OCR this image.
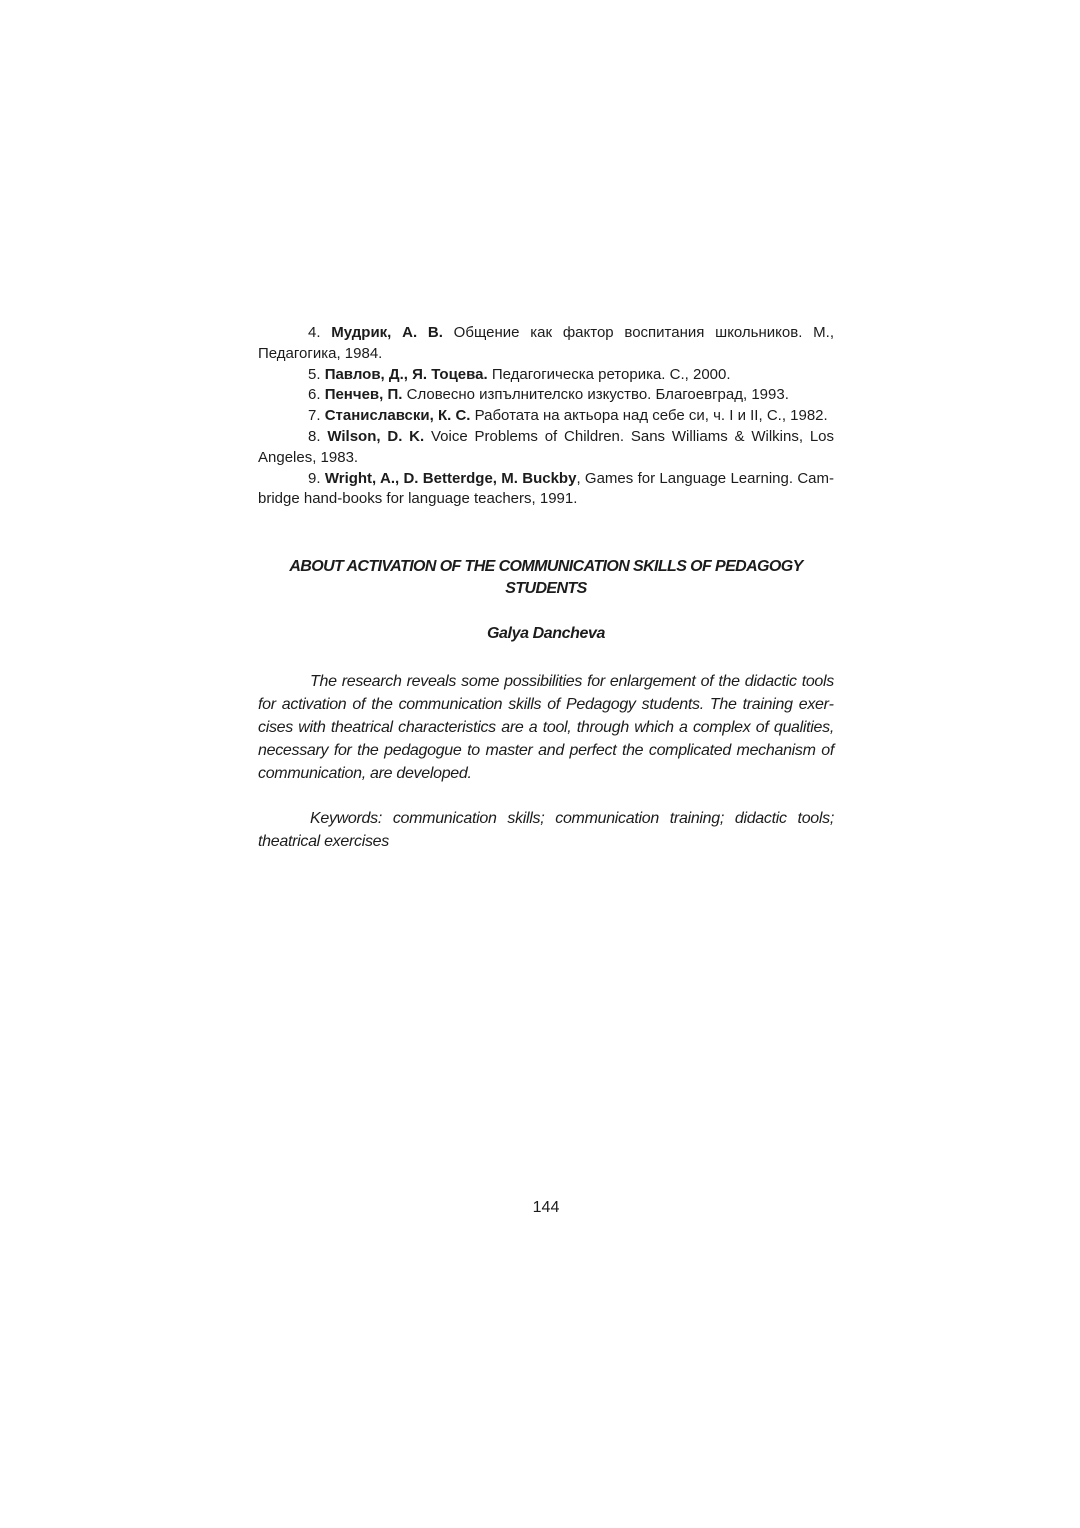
4. Мудрик, А. В. Общение как фактор воспитания школьников. М., Педагогика, 1984.

5. Павлов, Д., Я. Тоцева. Педагогическа реторика. С., 2000.

6. Пенчев, П. Словесно изпълнителско изкуство. Благоевград, 1993.

7. Станиславски, К. С. Работата на актьора над себе си, ч. I и II, С., 1982.

8. Wilson, D. K. Voice Problems of Children. Sans Williams & Wilkins, Los Angeles, 1983.

9. Wright, A., D. Betterdge, M. Buckby, Games for Language Learning. Cambridge hand-books for language teachers, 1991.

ABOUT ACTIVATION OF THE COMMUNICATION SKILLS OF PEDAGOGY STUDENTS
Galya Dancheva

The research reveals some possibilities for enlargement of the didactic tools for activation of the communication skills of Pedagogy students. The training exercises with theatrical characteristics are a tool, through which a complex of qualities, necessary for the pedagogue to master and perfect the complicated mechanism of communication, are developed.

Keywords: communication skills; communication training; didactic tools; theatrical exercises

144
